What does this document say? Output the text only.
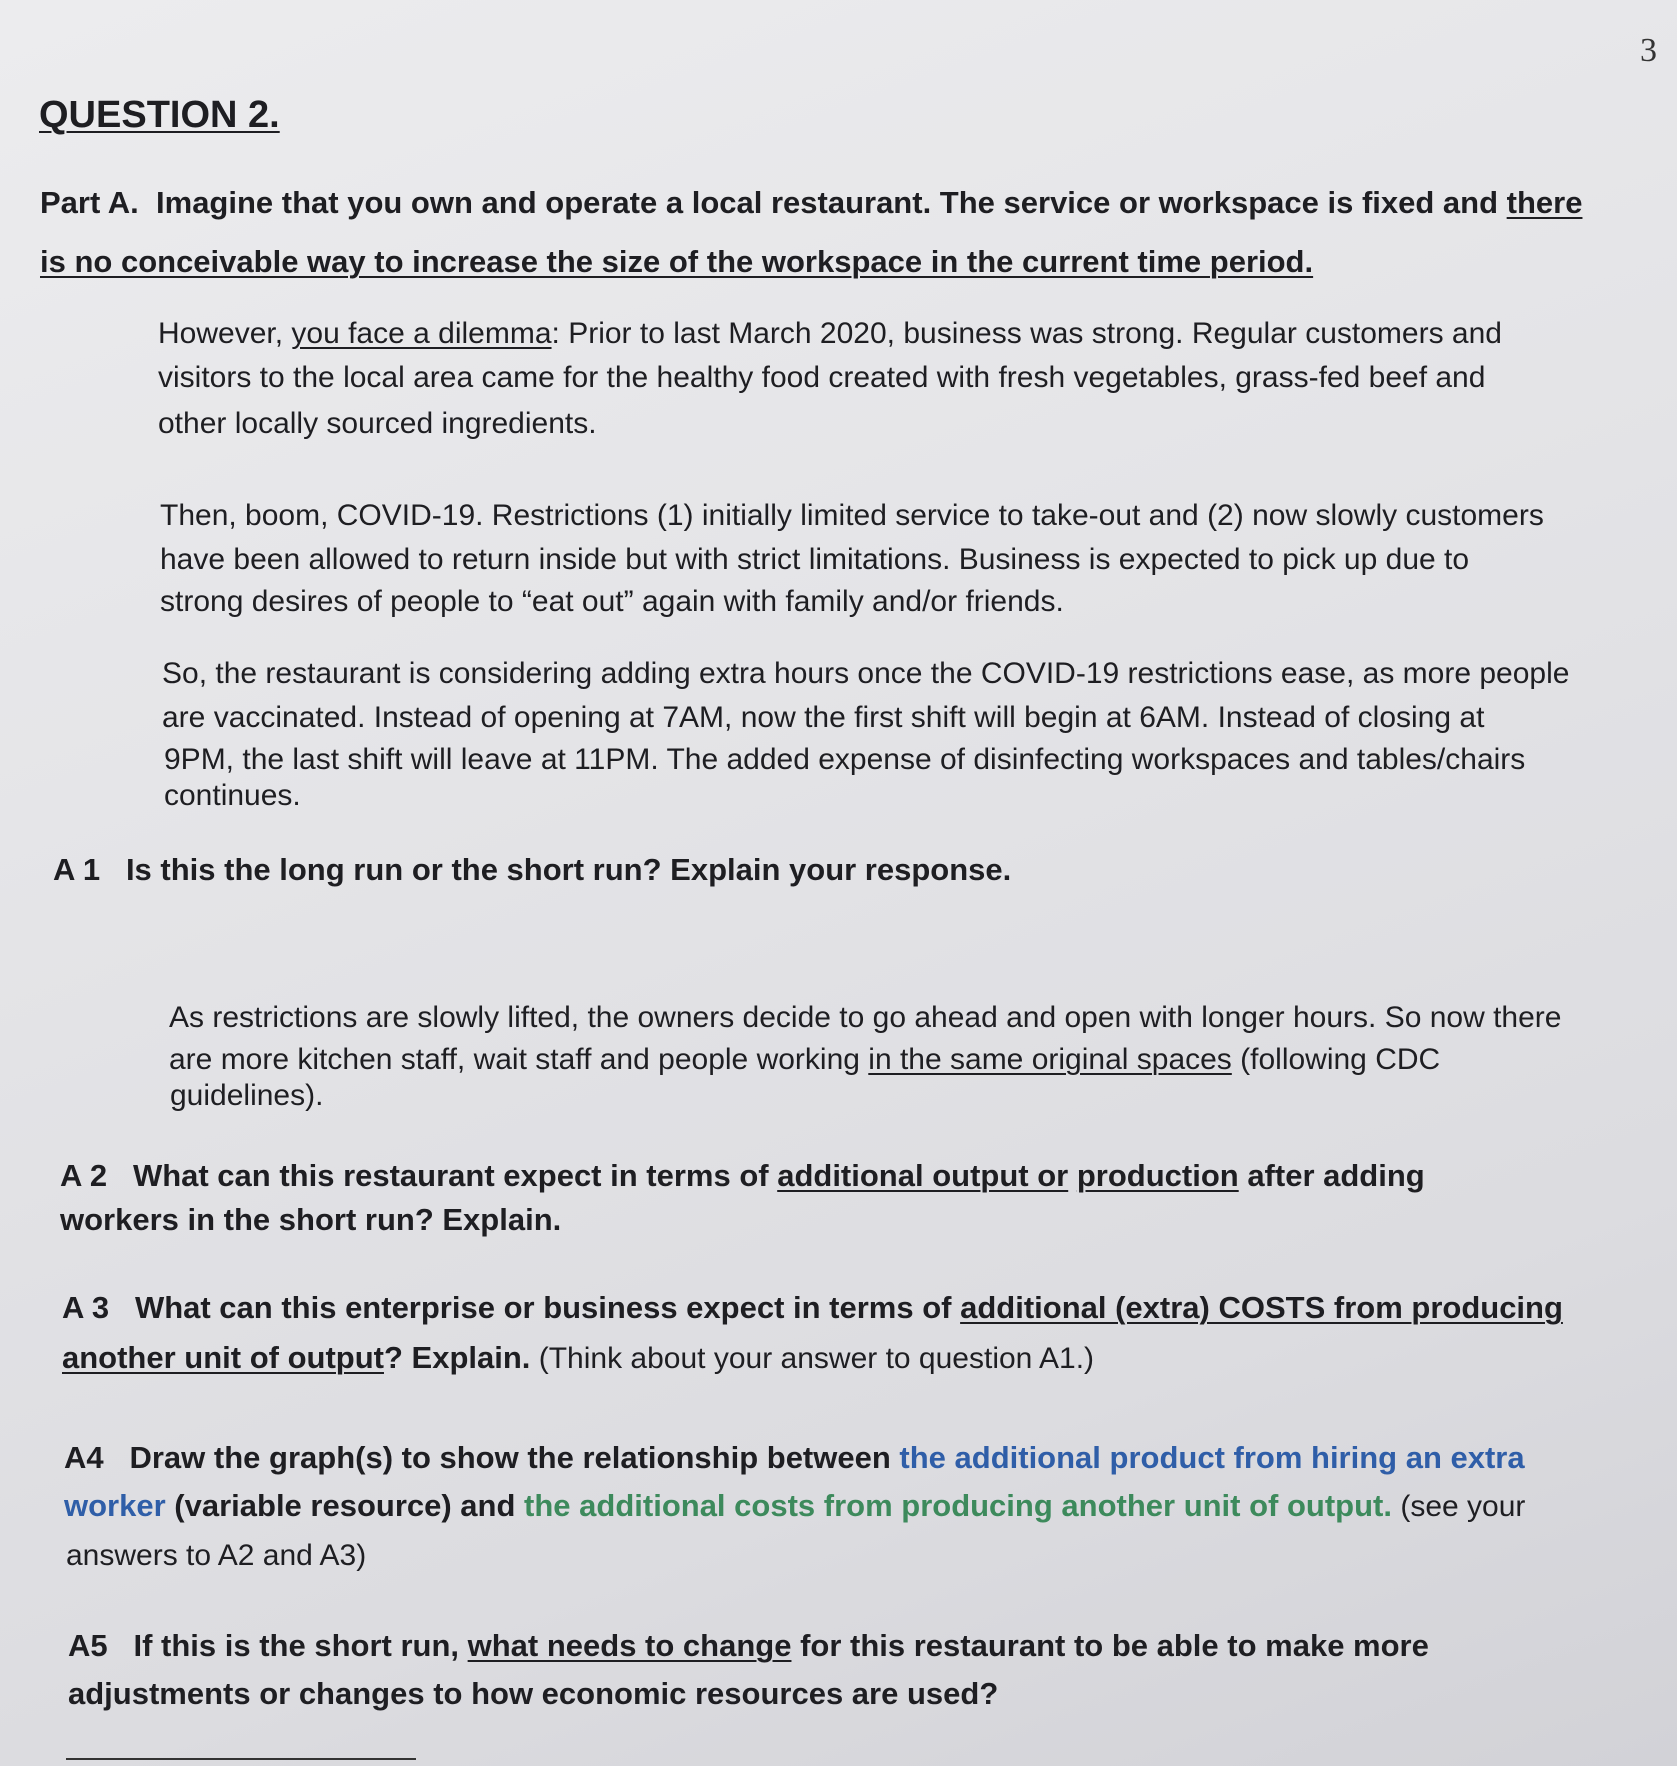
3
QUESTION 2.
Part A. Imagine that you own and operate a local restaurant. The service or workspace is fixed and there
is no conceivable way to increase the size of the workspace in the current time period.
However, you face a dilemma: Prior to last March 2020, business was strong. Regular customers and
visitors to the local area came for the healthy food created with fresh vegetables, grass-fed beef and
other locally sourced ingredients.
Then, boom, COVID-19. Restrictions (1) initially limited service to take-out and (2) now slowly customers
have been allowed to return inside but with strict limitations. Business is expected to pick up due to
strong desires of people to “eat out” again with family and/or friends.
So, the restaurant is considering adding extra hours once the COVID-19 restrictions ease, as more people
are vaccinated. Instead of opening at 7AM, now the first shift will begin at 6AM. Instead of closing at
9PM, the last shift will leave at 11PM. The added expense of disinfecting workspaces and tables/chairs
continues.
A 1 Is this the long run or the short run? Explain your response.
As restrictions are slowly lifted, the owners decide to go ahead and open with longer hours. So now there
are more kitchen staff, wait staff and people working in the same original spaces (following CDC
guidelines).
A 2 What can this restaurant expect in terms of additional output or production after adding
workers in the short run? Explain.
A 3 What can this enterprise or business expect in terms of additional (extra) COSTS from producing
another unit of output? Explain. (Think about your answer to question A1.)
A4 Draw the graph(s) to show the relationship between the additional product from hiring an extra
worker (variable resource) and the additional costs from producing another unit of output. (see your
answers to A2 and A3)
A5 If this is the short run, what needs to change for this restaurant to be able to make more
adjustments or changes to how economic resources are used?
